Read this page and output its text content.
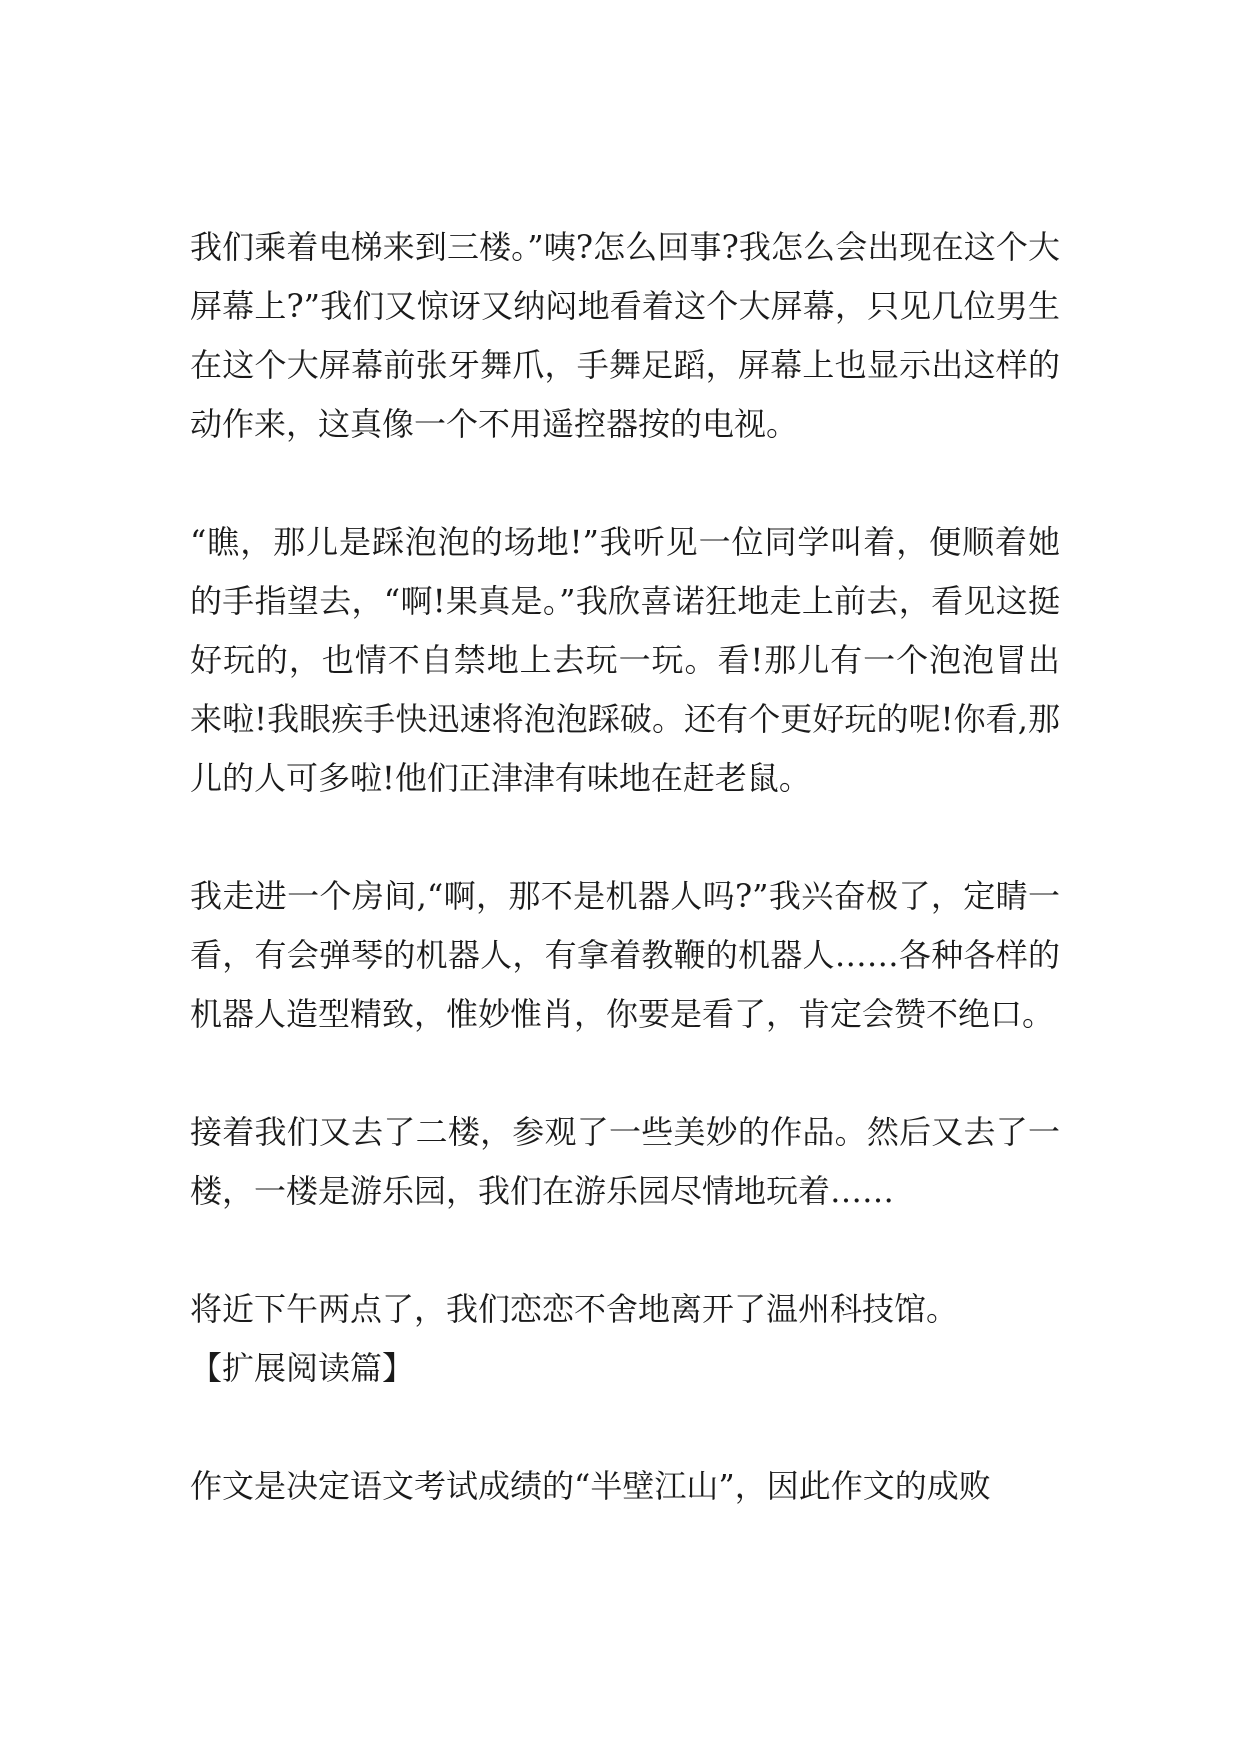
我们乘着电梯来到三楼。”咦?怎么回事?我怎么会出现在这个大屏幕上?”我们又惊讶又纳闷地看着这个大屏幕，只见几位男生在这个大屏幕前张牙舞爪，手舞足蹈，屏幕上也显示出这样的动作来，这真像一个不用遥控器按的电视。

“瞧，那儿是踩泡泡的场地!”我听见一位同学叫着，便顺着她的手指望去，“啊!果真是。”我欣喜诺狂地走上前去，看见这挺好玩的，也情不自禁地上去玩一玩。看!那儿有一个泡泡冒出来啦!我眼疾手快迅速将泡泡踩破。还有个更好玩的呢!你看,那儿的人可多啦!他们正津津有味地在赶老鼠。

我走进一个房间,“啊，那不是机器人吗?”我兴奋极了，定睛一看，有会弹琴的机器人，有拿着教鞭的机器人……各种各样的机器人造型精致，惟妙惟肖，你要是看了，肯定会赞不绝口。

接着我们又去了二楼，参观了一些美妙的作品。然后又去了一楼，一楼是游乐园，我们在游乐园尽情地玩着……

将近下午两点了，我们恋恋不舍地离开了温州科技馆。

【扩展阅读篇】

作文是决定语文考试成绩的“半壁江山”，因此作文的成败
